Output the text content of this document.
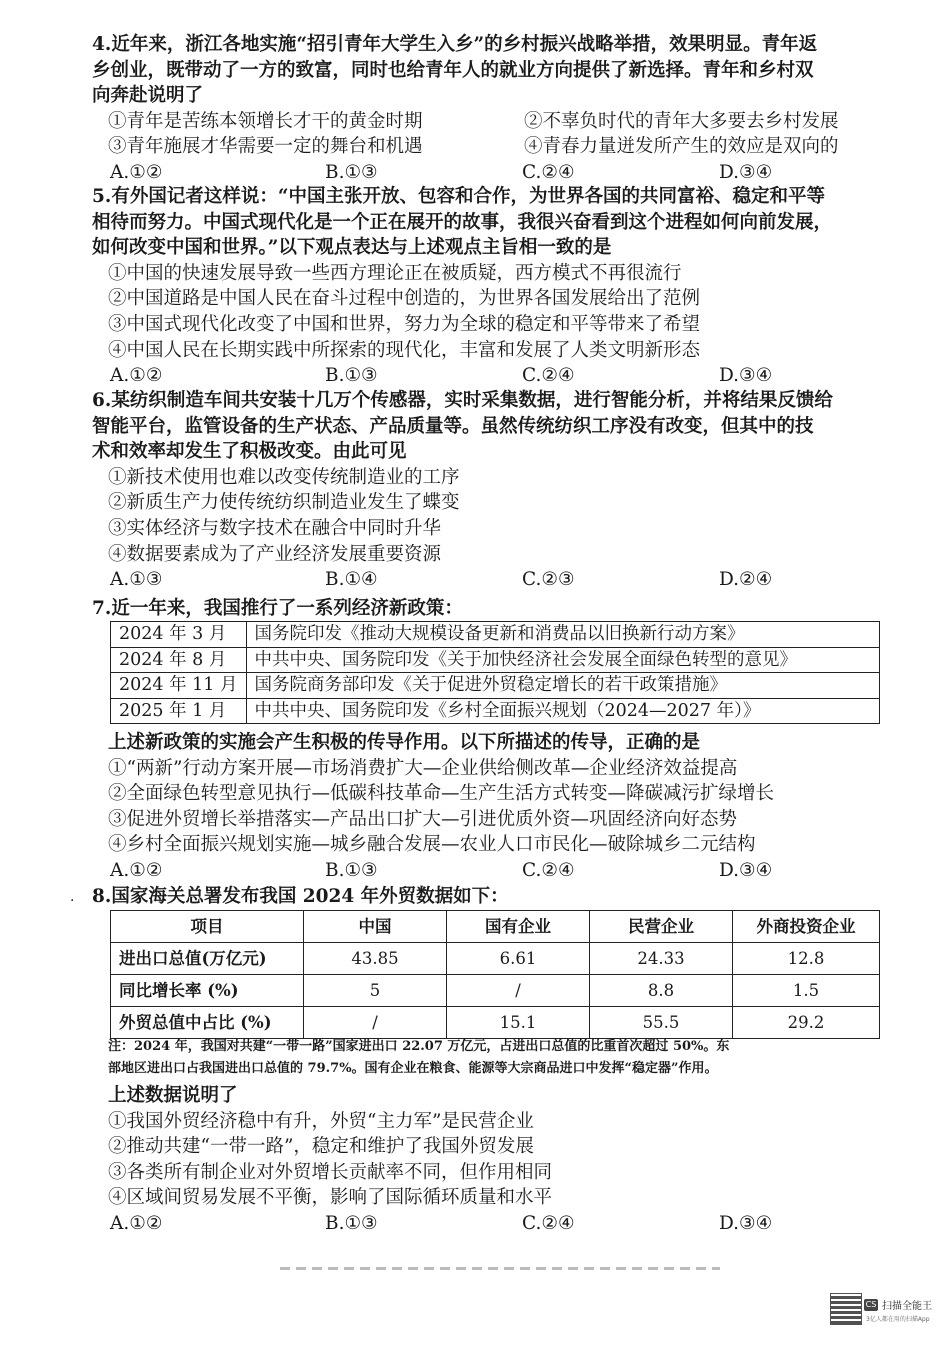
4.近年来，浙江各地实施“招引青年大学生入乡”的乡村振兴战略举措，效果明显。青年返
乡创业，既带动了一方的致富，同时也给青年人的就业方向提供了新选择。青年和乡村双
向奔赴说明了
①青年是苦练本领增长才干的黄金时期	②不辜负时代的青年大多要去乡村发展
③青年施展才华需要一定的舞台和机遇	④青春力量迸发所产生的效应是双向的
A.①②	B.①③	C.②④	D.③④
5.有外国记者这样说：“中国主张开放、包容和合作，为世界各国的共同富裕、稳定和平等
相待而努力。中国式现代化是一个正在展开的故事，我很兴奋看到这个进程如何向前发展，
如何改变中国和世界。”以下观点表达与上述观点主旨相一致的是
①中国的快速发展导致一些西方理论正在被质疑，西方模式不再很流行
②中国道路是中国人民在奋斗过程中创造的，为世界各国发展给出了范例
③中国式现代化改变了中国和世界，努力为全球的稳定和平等带来了希望
④中国人民在长期实践中所探索的现代化，丰富和发展了人类文明新形态
A.①②	B.①③	C.②④	D.③④
6.某纺织制造车间共安装十几万个传感器，实时采集数据，进行智能分析，并将结果反馈给
智能平台，监管设备的生产状态、产品质量等。虽然传统纺织工序没有改变，但其中的技
术和效率却发生了积极改变。由此可见
①新技术使用也难以改变传统制造业的工序
②新质生产力使传统纺织制造业发生了蝶变
③实体经济与数字技术在融合中同时升华
④数据要素成为了产业经济发展重要资源
A.①③	B.①④	C.②③	D.②④
7.近一年来，我国推行了一系列经济新政策：
2024 年 3 月	国务院印发《推动大规模设备更新和消费品以旧换新行动方案》
2024 年 8 月	中共中央、国务院印发《关于加快经济社会发展全面绿色转型的意见》
2024 年 11 月	国务院商务部印发《关于促进外贸稳定增长的若干政策措施》
2025 年 1 月	中共中央、国务院印发《乡村全面振兴规划（2024—2027 年）》
上述新政策的实施会产生积极的传导作用。以下所描述的传导，正确的是
①“两新”行动方案开展—市场消费扩大—企业供给侧改革—企业经济效益提高
②全面绿色转型意见执行—低碳科技革命—生产生活方式转变—降碳减污扩绿增长
③促进外贸增长举措落实—产品出口扩大—引进优质外资—巩固经济向好态势
④乡村全面振兴规划实施—城乡融合发展—农业人口市民化—破除城乡二元结构
A.①②	B.①③	C.②④	D.③④
· 8.国家海关总署发布我国 2024 年外贸数据如下：
项目	中国	国有企业	民营企业	外商投资企业
进出口总值(万亿元)	43.85	6.61	24.33	12.8
同比增长率 (%)	5	/	8.8	1.5
外贸总值中占比 (%)	/	15.1	55.5	29.2
注：2024 年，我国对共建“一带一路”国家进出口 22.07 万亿元，占进出口总值的比重首次超过 50%。东
部地区进出口占我国进出口总值的 79.7%。国有企业在粮食、能源等大宗商品进口中发挥“稳定器”作用。
上述数据说明了
①我国外贸经济稳中有升，外贸“主力军”是民营企业
②推动共建“一带一路”，稳定和维护了我国外贸发展
③各类所有制企业对外贸增长贡献率不同，但作用相同
④区域间贸易发展不平衡，影响了国际循环质量和水平
A.①②	B.①③	C.②④	D.③④
CS 扫描全能王
3亿人都在用的扫描App
